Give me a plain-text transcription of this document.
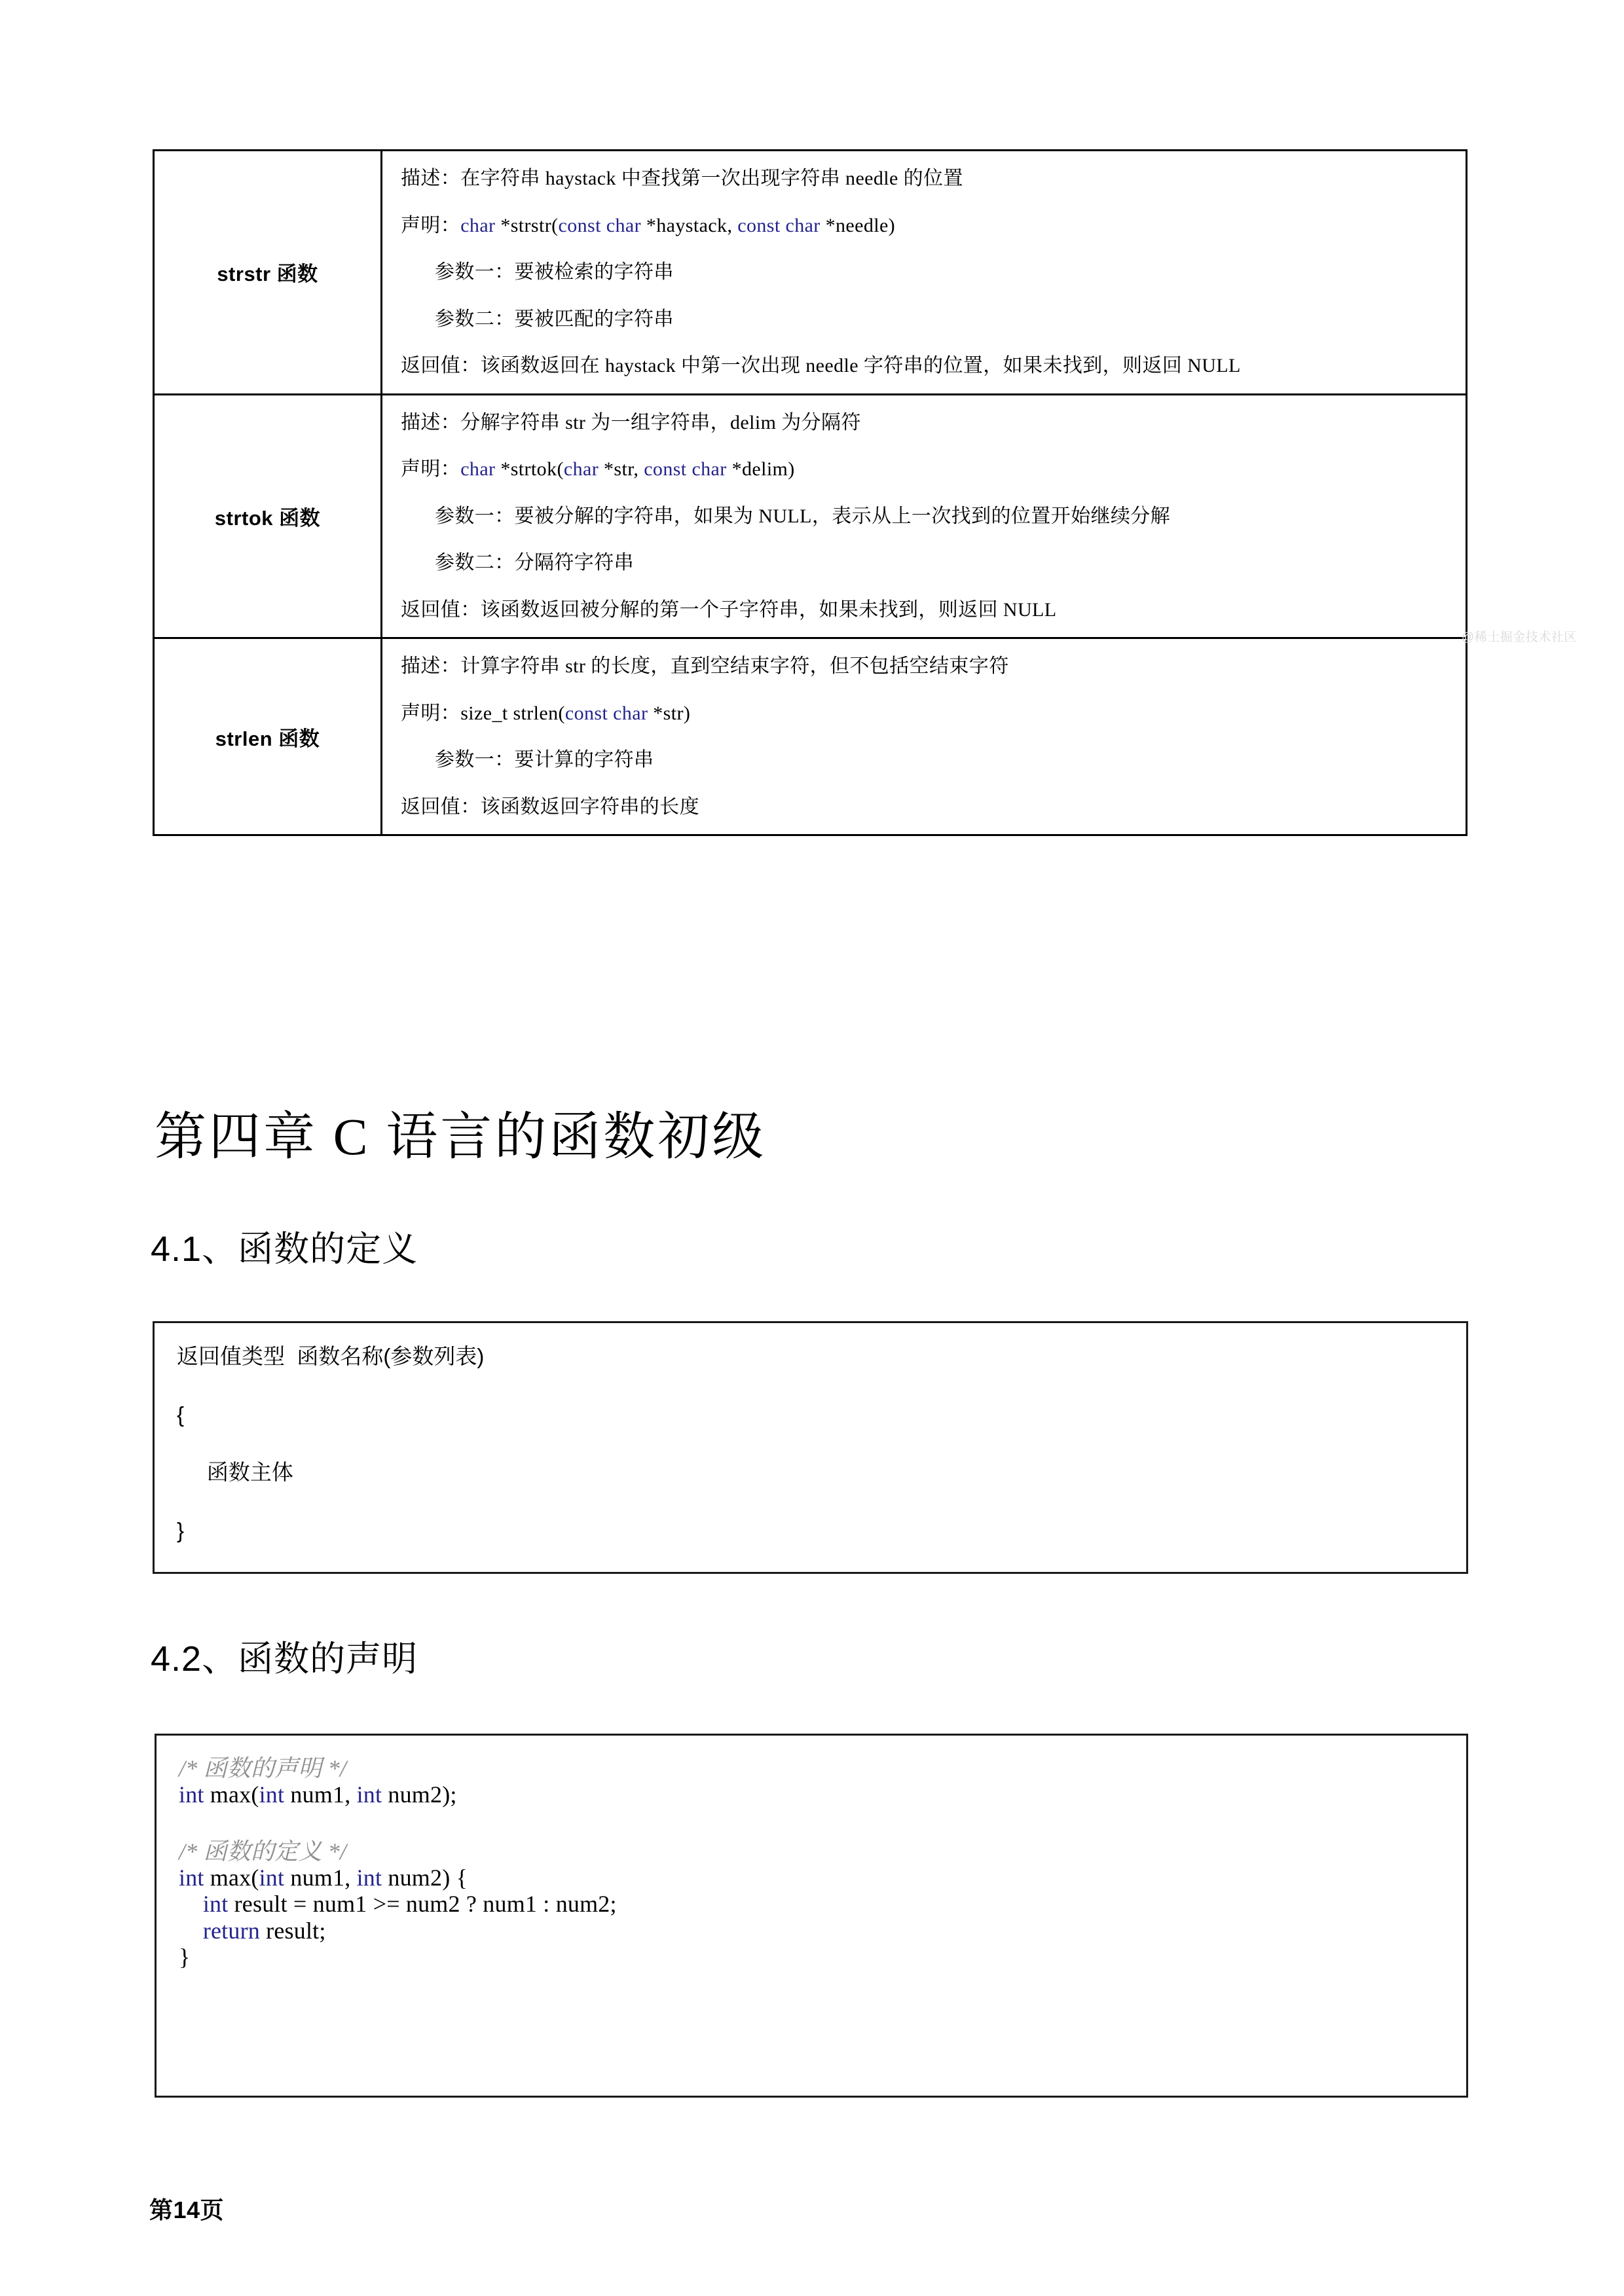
strstr 函数	描述：在字符串 haystack 中查找第一次出现字符串 needle 的位置

声明：char *strstr(const char *haystack, const char *needle)

参数一：要被检索的字符串

参数二：要被匹配的字符串

返回值：该函数返回在 haystack 中第一次出现 needle 字符串的位置，如果未找到，则返回 NULL

strtok 函数	描述：分解字符串 str 为一组字符串，delim 为分隔符

声明：char *strtok(char *str, const char *delim)

参数一：要被分解的字符串，如果为 NULL，表示从上一次找到的位置开始继续分解

参数二：分隔符字符串

返回值：该函数返回被分解的第一个子字符串，如果未找到，则返回 NULL

strlen 函数	描述：计算字符串 str 的长度，直到空结束字符，但不包括空结束字符

声明：size_t strlen(const char *str)

参数一：要计算的字符串

返回值：该函数返回字符串的长度

第四章 C 语言的函数初级
4.1、函数的定义

返回值类型  函数名称(参数列表)

{

函数主体

}

4.2、函数的声明

/* 函数的声明 */

int max(int num1, int num2);

/* 函数的定义 */

int max(int num1, int num2) {

int result = num1 >= num2 ? num1 : num2;

return result;

}

第14页
@稀土掘金技术社区
